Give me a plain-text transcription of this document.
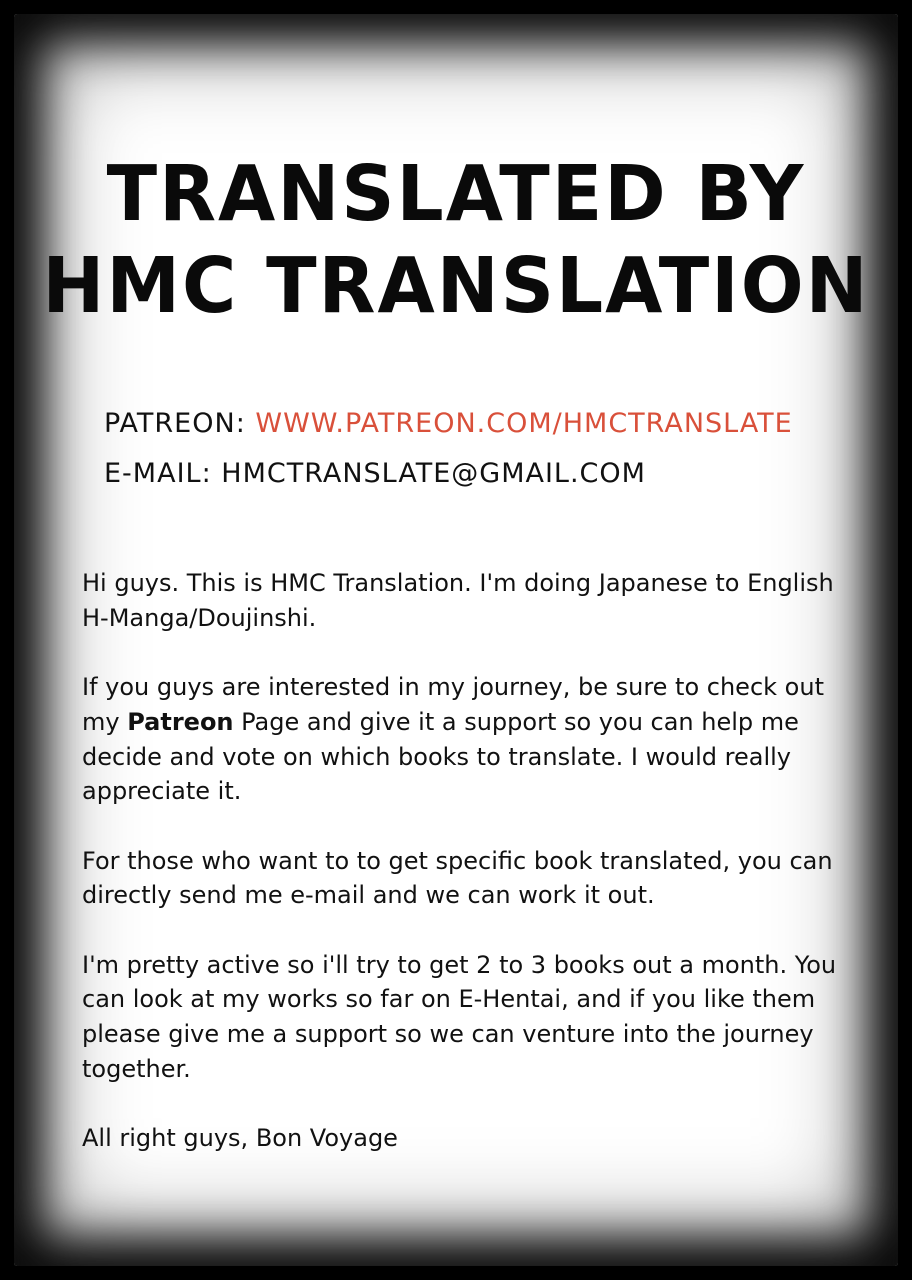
TRANSLATED BY
HMC TRANSLATION
PATREON: WWW.PATREON.COM/HMCTRANSLATE
E-MAIL: HMCTRANSLATE@GMAIL.COM

Hi guys. This is HMC Translation. I'm doing Japanese to English H-Manga/Doujinshi.

If you guys are interested in my journey, be sure to check out my Patreon Page and give it a support so you can help me decide and vote on which books to translate. I would really appreciate it.

For those who want to to get specific book translated, you can directly send me e-mail and we can work it out.

I'm pretty active so i'll try to get 2 to 3 books out a month. You can look at my works so far on E-Hentai, and if you like them please give me a support so we can venture into the journey together.

All right guys, Bon Voyage
